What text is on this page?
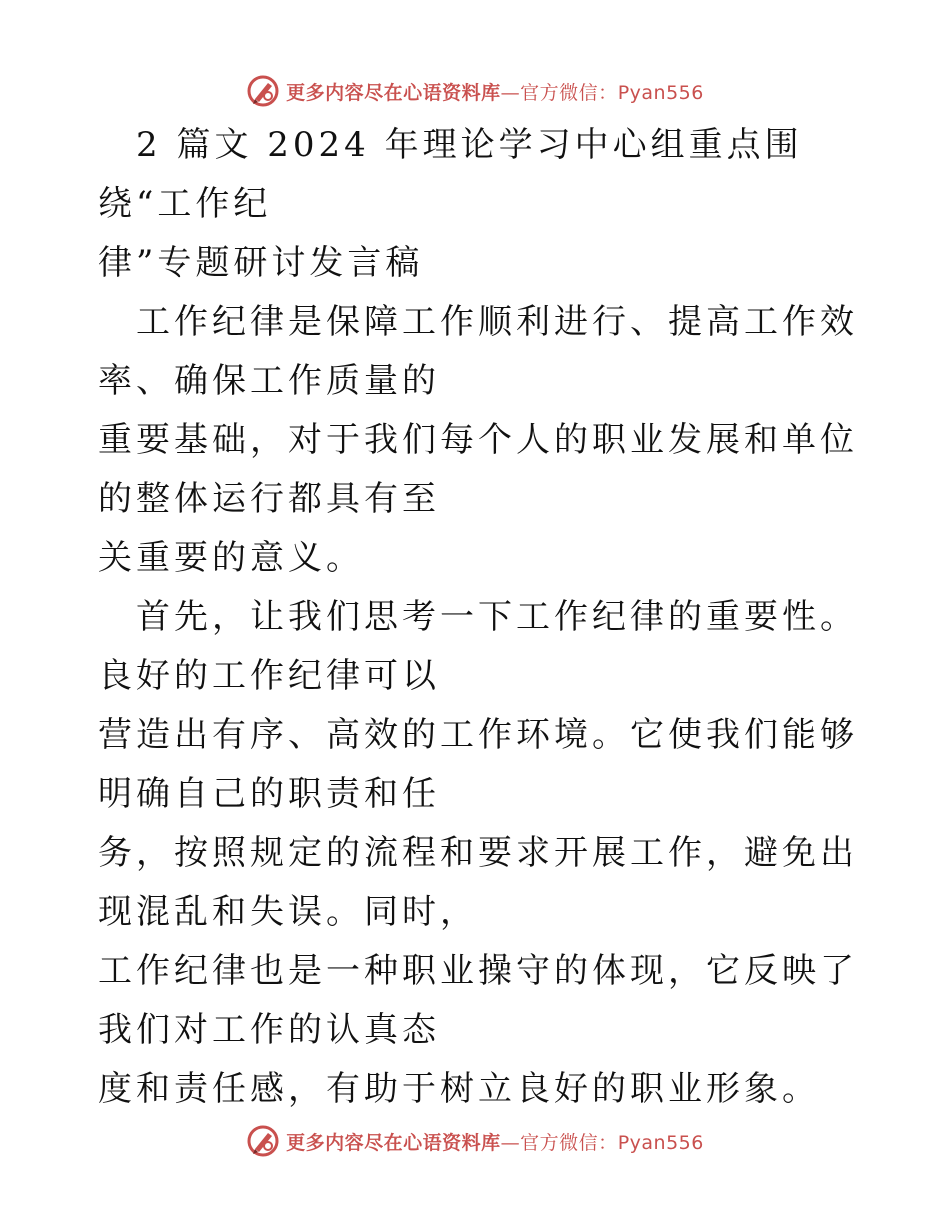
更多内容尽在心语资料库—官方微信：Pyan556

2 篇文 2024 年理论学习中心组重点围绕“工作纪
律”专题研讨发言稿

工作纪律是保障工作顺利进行、提高工作效率、确保工作质量的
重要基础，对于我们每个人的职业发展和单位的整体运行都具有至
关重要的意义。

首先，让我们思考一下工作纪律的重要性。良好的工作纪律可以
营造出有序、高效的工作环境。它使我们能够明确自己的职责和任
务，按照规定的流程和要求开展工作，避免出现混乱和失误。同时，
工作纪律也是一种职业操守的体现，它反映了我们对工作的认真态
度和责任感，有助于树立良好的职业形象。

更多内容尽在心语资料库—官方微信：Pyan556
